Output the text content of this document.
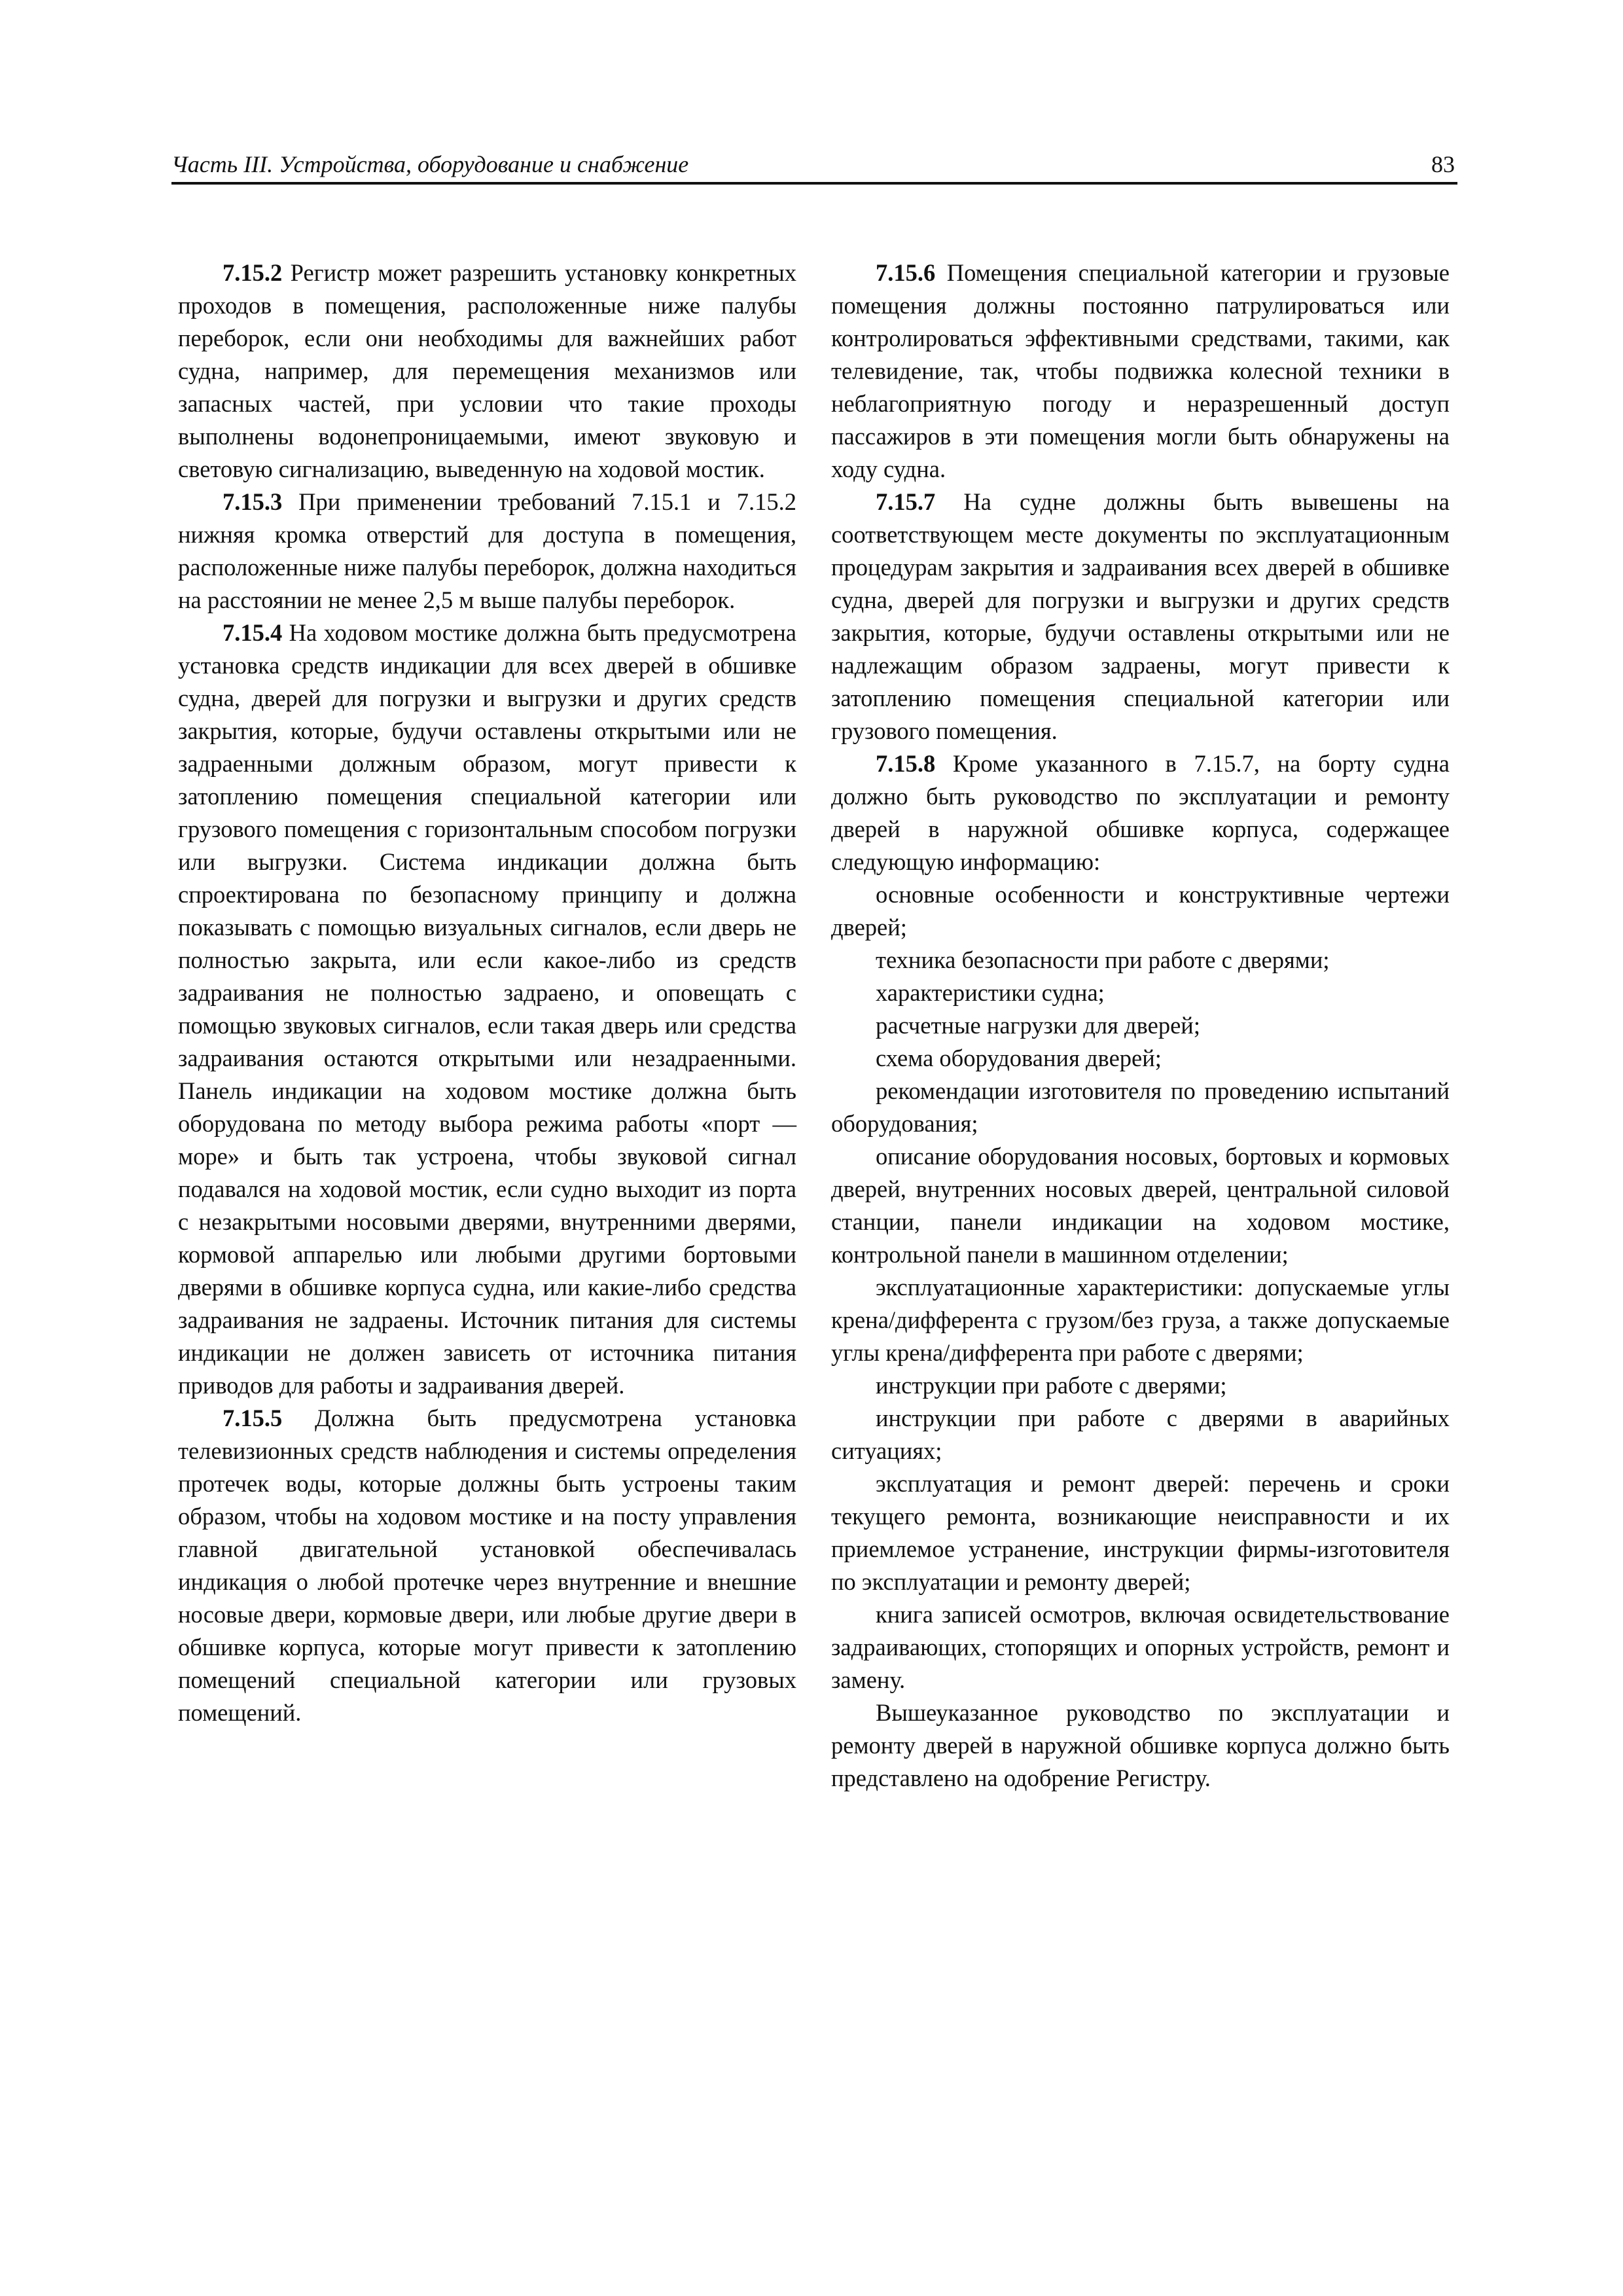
Часть III. Устройства, оборудование и снабжение	83

7.15.2 Регистр может разрешить установку конкретных проходов в помещения, расположенные ниже палубы переборок, если они необходимы для важнейших работ судна, например, для перемещения механизмов или запасных частей, при условии что такие проходы выполнены водонепроницаемыми, имеют звуковую и световую сигнализацию, выведенную на ходовой мостик.

7.15.3 При применении требований 7.15.1 и 7.15.2 нижняя кромка отверстий для доступа в помещения, расположенные ниже палубы переборок, должна находиться на расстоянии не менее 2,5 м выше палубы переборок.

7.15.4 На ходовом мостике должна быть предусмотрена установка средств индикации для всех дверей в обшивке судна, дверей для погрузки и выгрузки и других средств закрытия, которые, будучи оставлены открытыми или не задраенными должным образом, могут привести к затоплению помещения специальной категории или грузового помещения с горизонтальным способом погрузки или выгрузки. Система индикации должна быть спроектирована по безопасному принципу и должна показывать с помощью визуальных сигналов, если дверь не полностью закрыта, или если какое-либо из средств задраивания не полностью задраено, и оповещать с помощью звуковых сигналов, если такая дверь или средства задраивания остаются открытыми или незадраенными. Панель индикации на ходовом мостике должна быть оборудована по методу выбора режима работы «порт — море» и быть так устроена, чтобы звуковой сигнал подавался на ходовой мостик, если судно выходит из порта с незакрытыми носовыми дверями, внутренними дверями, кормовой аппарелью или любыми другими бортовыми дверями в обшивке корпуса судна, или какие-либо средства задраивания не задраены. Источник питания для системы индикации не должен зависеть от источника питания приводов для работы и задраивания дверей.

7.15.5 Должна быть предусмотрена установка телевизионных средств наблюдения и системы определения протечек воды, которые должны быть устроены таким образом, чтобы на ходовом мостике и на посту управления главной двигательной установкой обеспечивалась индикация о любой протечке через внутренние и внешние носовые двери, кормовые двери, или любые другие двери в обшивке корпуса, которые могут привести к затоплению помещений специальной категории или грузовых помещений.

7.15.6 Помещения специальной категории и грузовые помещения должны постоянно патрулироваться или контролироваться эффективными средствами, такими, как телевидение, так, чтобы подвижка колесной техники в неблагоприятную погоду и неразрешенный доступ пассажиров в эти помещения могли быть обнаружены на ходу судна.

7.15.7 На судне должны быть вывешены на соответствующем месте документы по эксплуатационным процедурам закрытия и задраивания всех дверей в обшивке судна, дверей для погрузки и выгрузки и других средств закрытия, которые, будучи оставлены открытыми или не надлежащим образом задраены, могут привести к затоплению помещения специальной категории или грузового помещения.

7.15.8 Кроме указанного в 7.15.7, на борту судна должно быть руководство по эксплуатации и ремонту дверей в наружной обшивке корпуса, содержащее следующую информацию:

основные особенности и конструктивные чертежи дверей;

техника безопасности при работе с дверями;

характеристики судна;

расчетные нагрузки для дверей;

схема оборудования дверей;

рекомендации изготовителя по проведению испытаний оборудования;

описание оборудования носовых, бортовых и кормовых дверей, внутренних носовых дверей, центральной силовой станции, панели индикации на ходовом мостике, контрольной панели в машинном отделении;

эксплуатационные характеристики: допускаемые углы крена/дифферента с грузом/без груза, а также допускаемые углы крена/дифферента при работе с дверями;

инструкции при работе с дверями;

инструкции при работе с дверями в аварийных ситуациях;

эксплуатация и ремонт дверей: перечень и сроки текущего ремонта, возникающие неисправности и их приемлемое устранение, инструкции фирмы-изготовителя по эксплуатации и ремонту дверей;

книга записей осмотров, включая освидетельствование задраивающих, стопорящих и опорных устройств, ремонт и замену.

Вышеуказанное руководство по эксплуатации и ремонту дверей в наружной обшивке корпуса должно быть представлено на одобрение Регистру.
